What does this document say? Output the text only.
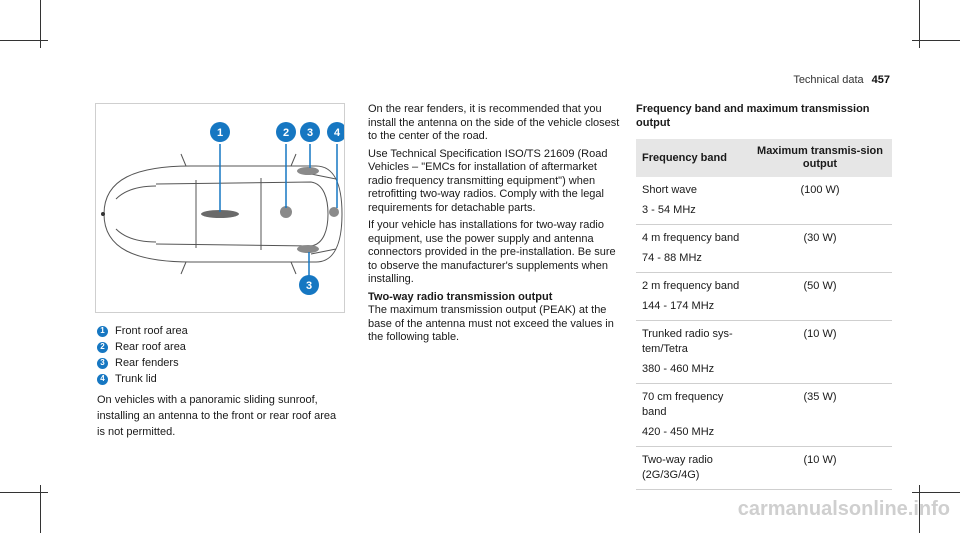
Technical data 457
1	2 3 4
3
1 Front roof area
2 Rear roof area
3 Rear fenders
4 Trunk lid

On vehicles with a panoramic sliding sunroof, installing an antenna to the front or rear roof area is not permitted.

On the rear fenders, it is recommended that you install the antenna on the side of the vehicle closest to the center of the road.

Use Technical Specification ISO/TS 21609 (Road Vehicles – "EMCs for installation of aftermarket radio frequency transmitting equipment") when retrofitting two-way radios. Comply with the legal requirements for detachable parts.

If your vehicle has installations for two-way radio equipment, use the power supply and antenna connectors provided in the pre-installation. Be sure to observe the manufacturer's supplements when installing.

Two-way radio transmission output

The maximum transmission output (PEAK) at the base of the antenna must not exceed the values in the following table.

Frequency band and maximum transmission output
Frequency band	Maximum transmis-sion output

Short wave
3 - 54 MHz	(100 W)

4 m frequency band
74 - 88 MHz	(30 W)

2 m frequency band
144 - 174 MHz	(50 W)

Trunked radio sys-tem/Tetra
380 - 460 MHz	(10 W)

70 cm frequency band
420 - 450 MHz	(35 W)

Two-way radio (2G/3G/4G)	(10 W)
carmanualsonline.info
